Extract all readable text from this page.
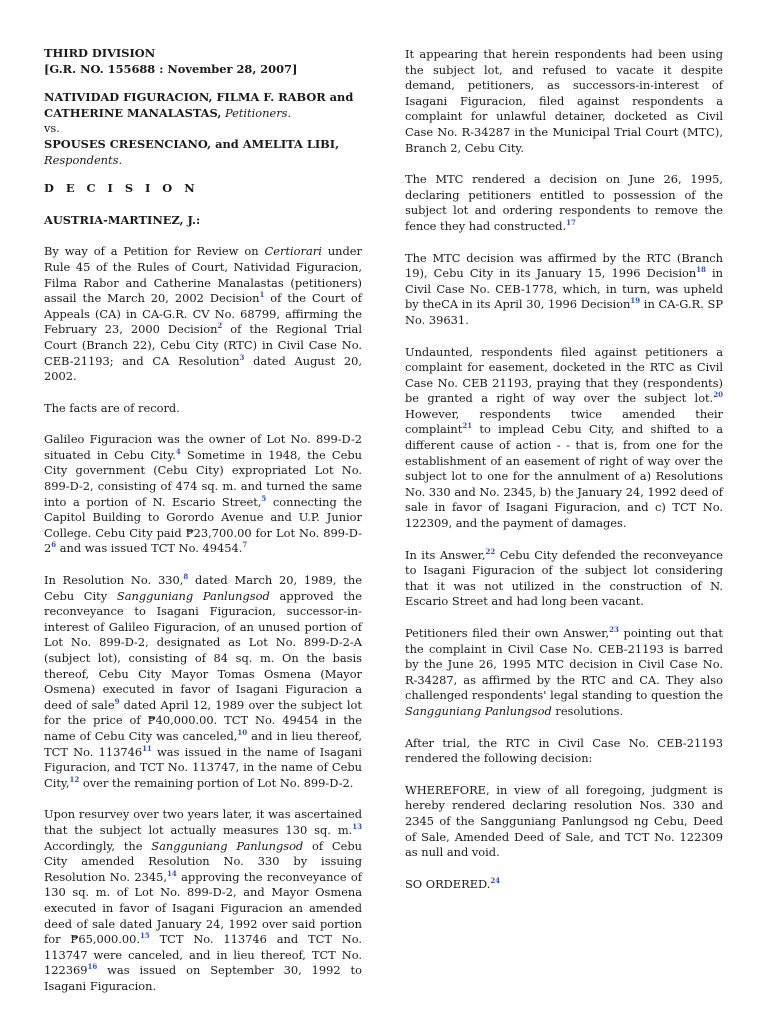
THIRD DIVISION
[G.R. NO. 155688 : November 28, 2007]
NATIVIDAD FIGURACION, FILMA F. RABOR and CATHERINE MANALASTAS, Petitioners.
vs.
SPOUSES CRESENCIANO, and AMELITA LIBI, Respondents.
D E C I S I O N

AUSTRIA-MARTINEZ, J.:

By way of a Petition for Review on Certiorari under Rule 45 of the Rules of Court, Natividad Figuracion, Filma Rabor and Catherine Manalastas (petitioners) assail the March 20, 2002 Decision$^1$ of the Court of Appeals (CA) in CA-G.R. CV No. 68799, affirming the February 23, 2000 Decision$^2$ of the Regional Trial Court (Branch 22), Cebu City (RTC) in Civil Case No. CEB-21193; and CA Resolution$^3$ dated August 20, 2002.

The facts are of record.

Galileo Figuracion was the owner of Lot No. 899-D-2 situated in Cebu City.$^4$ Sometime in 1948, the Cebu City government (Cebu City) expropriated Lot No. 899-D-2, consisting of 474 sq. m. and turned the same into a portion of N. Escario Street,$^5$ connecting the Capitol Building to Gorordo Avenue and U.P. Junior College. Cebu City paid ₱23,700.00 for Lot No. 899-D-2$^6$ and was issued TCT No. 49454.$^7$

In Resolution No. 330,$^8$ dated March 20, 1989, the Cebu City Sangguniang Panlungsod approved the reconveyance to Isagani Figuracion, successor-in-interest of Galileo Figuracion, of an unused portion of Lot No. 899-D-2, designated as Lot No. 899-D-2-A (subject lot), consisting of 84 sq. m. On the basis thereof, Cebu City Mayor Tomas Osmena (Mayor Osmena) executed in favor of Isagani Figuracion a deed of sale$^9$ dated April 12, 1989 over the subject lot for the price of ₱40,000.00. TCT No. 49454 in the name of Cebu City was canceled,$^{10}$ and in lieu thereof, TCT No. 113746$^{11}$ was issued in the name of Isagani Figuracion, and TCT No. 113747, in the name of Cebu City,$^{12}$ over the remaining portion of Lot No. 899-D-2.

Upon resurvey over two years later, it was ascertained that the subject lot actually measures 130 sq. m.$^{13}$ Accordingly, the Sangguniang Panlungsod of Cebu City amended Resolution No. 330 by issuing Resolution No. 2345,14 approving the reconveyance of 130 sq. m. of Lot No. 899-D-2, and Mayor Osmena executed in favor of Isagani Figuracion an amended deed of sale dated January 24, 1992 over said portion for ₱65,000.00.15 TCT No. 113746 and TCT No. 113747 were canceled, and in lieu thereof, TCT No. 122369$^{16}$ was issued on September 30, 1992 to Isagani Figuracion.

It appearing that herein respondents had been using the subject lot, and refused to vacate it despite demand, petitioners, as successors-in-interest of Isagani Figuracion, filed against respondents a complaint for unlawful detainer, docketed as Civil Case No. R-34287 in the Municipal Trial Court (MTC), Branch 2, Cebu City.

The MTC rendered a decision on June 26, 1995, declaring petitioners entitled to possession of the subject lot and ordering respondents to remove the fence they had constructed.$^{17}$

The MTC decision was affirmed by the RTC (Branch 19), Cebu City in its January 15, 1996 Decision$^{18}$ in Civil Case No. CEB-1778, which, in turn, was upheld by theCA in its April 30, 1996 Decision$^{19}$ in CA-G.R. SP No. 39631.

Undaunted, respondents filed against petitioners a complaint for easement, docketed in the RTC as Civil Case No. CEB 21193, praying that they (respondents) be granted a right of way over the subject lot.$^{20}$ However, respondents twice amended their complaint$^{21}$ to implead Cebu City, and shifted to a different cause of action - - that is, from one for the establishment of an easement of right of way over the subject lot to one for the annulment of a) Resolutions No. 330 and No. 2345, b) the January 24, 1992 deed of sale in favor of Isagani Figuracion, and c) TCT No. 122309, and the payment of damages.

In its Answer,$^{22}$ Cebu City defended the reconveyance to Isagani Figuracion of the subject lot considering that it was not utilized in the construction of N. Escario Street and had long been vacant.

Petitioners filed their own Answer,$^{23}$ pointing out that the complaint in Civil Case No. CEB-21193 is barred by the June 26, 1995 MTC decision in Civil Case No. R-34287, as affirmed by the RTC and CA. They also challenged respondents' legal standing to question the Sangguniang Panlungsod resolutions.

After trial, the RTC in Civil Case No. CEB-21193 rendered the following decision:

WHEREFORE, in view of all foregoing, judgment is hereby rendered declaring resolution Nos. 330 and 2345 of the Sangguniang Panlungsod ng Cebu, Deed of Sale, Amended Deed of Sale, and TCT No. 122309 as null and void.

SO ORDERED.$^{24}$
